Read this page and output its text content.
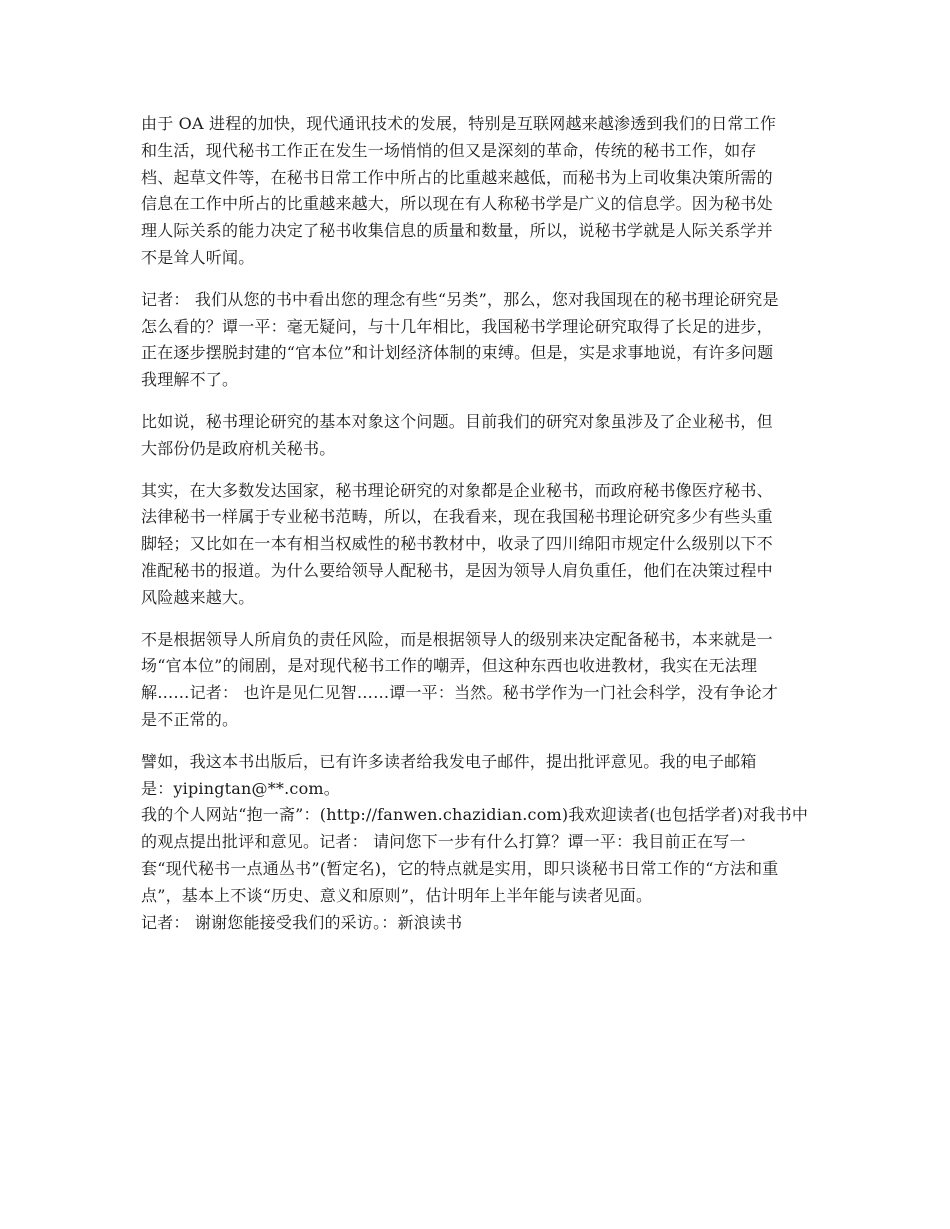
由于 OA 进程的加快，现代通讯技术的发展，特别是互联网越来越渗透到我们的日常工作
和生活，现代秘书工作正在发生一场悄悄的但又是深刻的革命，传统的秘书工作，如存
档、起草文件等，在秘书日常工作中所占的比重越来越低，而秘书为上司收集决策所需的
信息在工作中所占的比重越来越大，所以现在有人称秘书学是广义的信息学。因为秘书处
理人际关系的能力决定了秘书收集信息的质量和数量，所以，说秘书学就是人际关系学并
不是耸人听闻。
记者： 我们从您的书中看出您的理念有些“另类”，那么，您对我国现在的秘书理论研究是
怎么看的？谭一平：毫无疑问，与十几年相比，我国秘书学理论研究取得了长足的进步，
正在逐步摆脱封建的“官本位”和计划经济体制的束缚。但是，实是求事地说，有许多问题
我理解不了。
比如说，秘书理论研究的基本对象这个问题。目前我们的研究对象虽涉及了企业秘书，但
大部份仍是政府机关秘书。
其实，在大多数发达国家，秘书理论研究的对象都是企业秘书，而政府秘书像医疗秘书、
法律秘书一样属于专业秘书范畴，所以，在我看来，现在我国秘书理论研究多少有些头重
脚轻；又比如在一本有相当权威性的秘书教材中，收录了四川绵阳市规定什么级别以下不
准配秘书的报道。为什么要给领导人配秘书，是因为领导人肩负重任，他们在决策过程中
风险越来越大。
不是根据领导人所肩负的责任风险，而是根据领导人的级别来决定配备秘书，本来就是一
场“官本位”的闹剧，是对现代秘书工作的嘲弄，但这种东西也收进教材，我实在无法理
解……记者： 也许是见仁见智……谭一平：当然。秘书学作为一门社会科学，没有争论才
是不正常的。
譬如，我这本书出版后，已有许多读者给我发电子邮件，提出批评意见。我的电子邮箱
是：yipingtan@**.com。
我的个人网站“抱一斋”：(http://fanwen.chazidian.com)我欢迎读者(也包括学者)对我书中
的观点提出批评和意见。记者： 请问您下一步有什么打算？谭一平：我目前正在写一
套“现代秘书一点通丛书”(暂定名)，它的特点就是实用，即只谈秘书日常工作的“方法和重
点”，基本上不谈“历史、意义和原则”，估计明年上半年能与读者见面。
记者： 谢谢您能接受我们的采访。：新浪读书
